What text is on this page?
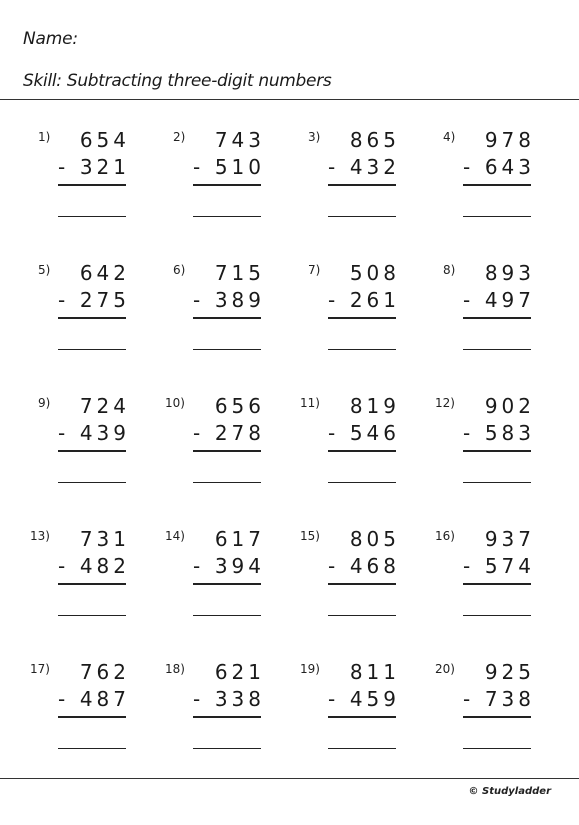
Name:
Skill: Subtracting three-digit numbers
1)	654
- 321
2)	743
- 510
3)	865
- 432
4)	978
- 643
5)	642
- 275
6)	715
- 389
7)	508
- 261
8)	893
- 497
9)	724
- 439
10)	656
- 278
11)	819
- 546
12)	902
- 583
13)	731
- 482
14)	617
- 394
15)	805
- 468
16)	937
- 574
17)	762
- 487
18)	621
- 338
19)	811
- 459
20)	925
- 738
© Studyladder
